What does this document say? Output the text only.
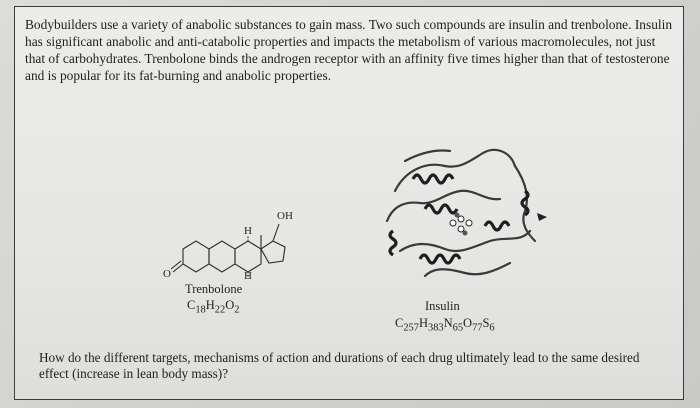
Bodybuilders use a variety of anabolic substances to gain mass. Two such compounds are insulin and trenbolone. Insulin has significant anabolic and anti-catabolic properties and impacts the metabolism of various macromolecules, not just that of carbohydrates. Trenbolone binds the androgen receptor with an affinity five times higher than that of testosterone and is popular for its fat-burning and anabolic properties.

OH
H
H
O

Trenbolone

$C_{18}H_{22}O_2$	Insulin

$C_{257}H_{383}N_{65}O_{77}S_6$

How do the different targets, mechanisms of action and durations of each drug ultimately lead to the same desired effect (increase in lean body mass)?
